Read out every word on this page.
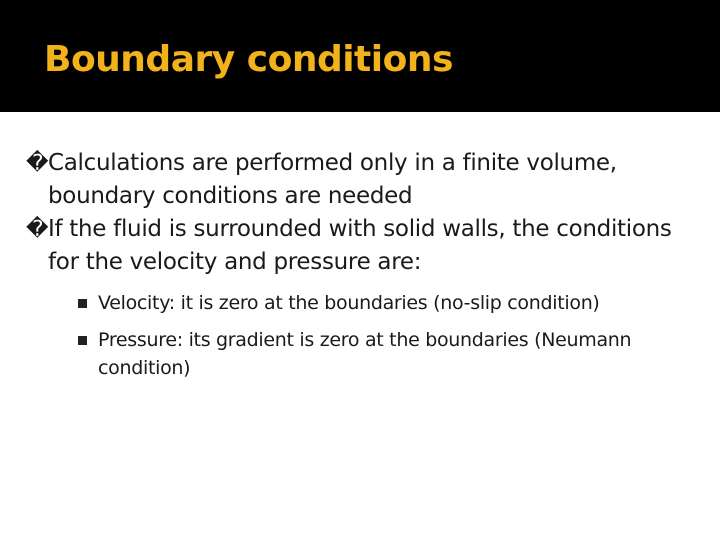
Boundary conditions
� Calculations are performed only in a finite volume, boundary conditions are needed
� If the fluid is surrounded with solid walls, the conditions for the velocity and pressure are:
Velocity: it is zero at the boundaries (no-slip condition)
Pressure: its gradient is zero at the boundaries (Neumann condition)
